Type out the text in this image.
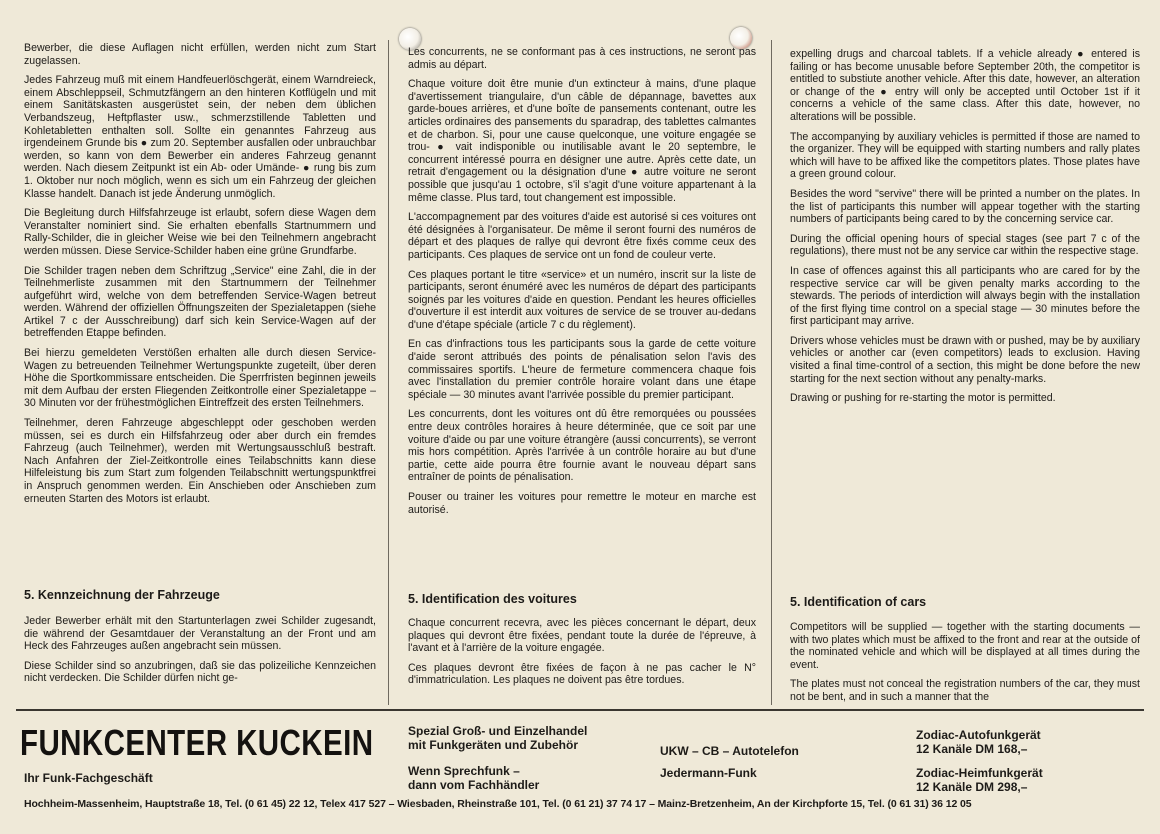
Bewerber, die diese Auflagen nicht erfüllen, werden nicht zum Start zugelassen.

Jedes Fahrzeug muß mit einem Handfeuerlöschgerät, einem Warndreieck, einem Abschleppseil, Schmutzfängern an den hinteren Kotflügeln und mit einem Sanitätskasten ausgerüstet sein, der neben dem üblichen Verbandszeug, Heftpflaster usw., schmerzstillende Tabletten und Kohletabletten enthalten soll. Sollte ein genanntes Fahrzeug aus irgendeinem Grunde bis ● zum 20. September ausfallen oder unbrauchbar werden, so kann von dem Bewerber ein anderes Fahrzeug genannt werden. Nach diesem Zeitpunkt ist ein Ab- oder Umände- ● rung bis zum 1. Oktober nur noch möglich, wenn es sich um ein Fahrzeug der gleichen Klasse handelt. Danach ist jede Änderung unmöglich.

Die Begleitung durch Hilfsfahrzeuge ist erlaubt, sofern diese Wagen dem Veranstalter nominiert sind. Sie erhalten ebenfalls Startnummern und Rally-Schilder, die in gleicher Weise wie bei den Teilnehmern angebracht werden müssen. Diese Service-Schilder haben eine grüne Grundfarbe.

Die Schilder tragen neben dem Schriftzug „Service" eine Zahl, die in der Teilnehmerliste zusammen mit den Startnummern der Teilnehmer aufgeführt wird, welche von dem betreffenden Service-Wagen betreut werden. Während der offiziellen Öffnungszeiten der Spezialetappen (siehe Artikel 7 c der Ausschreibung) darf sich kein Service-Wagen auf der betreffenden Etappe befinden.

Bei hierzu gemeldeten Verstößen erhalten alle durch diesen Service-Wagen zu betreuenden Teilnehmer Wertungspunkte zugeteilt, über deren Höhe die Sportkommissare entscheiden. Die Sperrfristen beginnen jeweils mit dem Aufbau der ersten Fliegenden Zeitkontrolle einer Spezialetappe – 30 Minuten vor der frühestmöglichen Eintreffzeit des ersten Teilnehmers.

Teilnehmer, deren Fahrzeuge abgeschleppt oder geschoben werden müssen, sei es durch ein Hilfsfahrzeug oder aber durch ein fremdes Fahrzeug (auch Teilnehmer), werden mit Wertungsausschluß bestraft. Nach Anfahren der Ziel-Zeitkontrolle eines Teilabschnitts kann diese Hilfeleistung bis zum Start zum folgenden Teilabschnitt wertungspunktfrei in Anspruch genommen werden. Ein Anschieben oder Anschieben zum erneuten Starten des Motors ist erlaubt.

Les concurrents, ne se conformant pas à ces instructions, ne seront pas admis au départ.

Chaque voiture doit être munie d'un extincteur à mains, d'une plaque d'avertissement triangulaire, d'un câble de dépannage, bavettes aux garde-boues arrières, et d'une boîte de pansements contenant, outre les articles ordinaires des pansements du sparadrap, des tablettes calmantes et de charbon. Si, pour une cause quelconque, une voiture engagée se trou- ● vait indisponible ou inutilisable avant le 20 septembre, le concurrent intéressé pourra en désigner une autre. Après cette date, un retrait d'engagement ou la désignation d'une ● autre voiture ne seront possible que jusqu'au 1 octobre, s'il s'agit d'une voiture appartenant à la même classe. Plus tard, tout changement est impossible.

L'accompagnement par des voitures d'aide est autorisé si ces voitures ont été désignées à l'organisateur. De même il seront fourni des numéros de départ et des plaques de rallye qui devront être fixés comme ceux des participants. Ces plaques de service ont un fond de couleur verte.

Ces plaques portant le titre «service» et un numéro, inscrit sur la liste de participants, seront énuméré avec les numéros de départ des participants soignés par les voitures d'aide en question. Pendant les heures officielles d'ouverture il est interdit aux voitures de service de se trouver au-dedans d'une d'étape spéciale (article 7 c du règlement).

En cas d'infractions tous les participants sous la garde de cette voiture d'aide seront attribués des points de pénalisation selon l'avis des commissaires sportifs. L'heure de fermeture commencera chaque fois avec l'installation du premier contrôle horaire volant dans une étape spéciale — 30 minutes avant l'arrivée possible du premier participant.

Les concurrents, dont les voitures ont dû être remorquées ou poussées entre deux contrôles horaires à heure déterminée, que ce soit par une voiture d'aide ou par une voiture étrangère (aussi concurrents), se verront mis hors compétition. Après l'arrivée à un contrôle horaire au but d'une partie, cette aide pourra être fournie avant le nouveau départ sans entraîner de points de pénalisation.

Pouser ou trainer les voitures pour remettre le moteur en marche est autorisé.

expelling drugs and charcoal tablets. If a vehicle already ● entered is failing or has become unusable before September 20th, the competitor is entitled to substiute another vehicle. After this date, however, an alteration or change of the ● entry will only be accepted until October 1st if it concerns a vehicle of the same class. After this date, however, no alterations will be possible.

The accompanying by auxiliary vehicles is permitted if those are named to the organizer. They will be equipped with starting numbers and rally plates which will have to be affixed like the competitors plates. Those plates have a green ground colour.

Besides the word "servive" there will be printed a number on the plates. In the list of participants this number will appear together with the starting numbers of participants being cared to by the concerning service car.

During the official opening hours of special stages (see part 7 c of the regulations), there must not be any service car within the respective stage.

In case of offences against this all participants who are cared for by the respective service car will be given penalty marks according to the stewards. The periods of interdiction will always begin with the installation of the first flying time control on a special stage — 30 minutes before the first participant may arrive.

Drivers whose vehicles must be drawn with or pushed, may be by auxiliary vehicles or another car (even competitors) leads to exclusion. Having visited a final time-control of a section, this might be done before the new starting for the next section without any penalty-marks.

Drawing or pushing for re-starting the motor is permitted.

5. Kennzeichnung der Fahrzeuge	5. Identification des voitures	5. Identification of cars

Jeder Bewerber erhält mit den Startunterlagen zwei Schilder zugesandt, die während der Gesamtdauer der Veranstaltung an der Front und am Heck des Fahrzeuges außen angebracht sein müssen.

Diese Schilder sind so anzubringen, daß sie das polizeiliche Kennzeichen nicht verdecken. Die Schilder dürfen nicht ge-

Chaque concurrent recevra, avec les pièces concernant le départ, deux plaques qui devront être fixées, pendant toute la durée de l'épreuve, à l'avant et à l'arrière de la voiture engagée.

Ces plaques devront être fixées de façon à ne pas cacher le N° d'immatriculation. Les plaques ne doivent pas être tordues.

Competitors will be supplied — together with the starting documents — with two plates which must be affixed to the front and rear at the outside of the nominated vehicle and which will be displayed at all times during the event.

The plates must not conceal the registration numbers of the car, they must not be bent, and in such a manner that the

FUNKCENTER KUCKEIN
Ihr Funk-Fachgeschäft
Spezial Groß- und Einzelhandel
mit Funkgeräten und Zubehör
Wenn Sprechfunk –
dann vom Fachhändler
UKW – CB – Autotelefon
Jedermann-Funk
Zodiac-Autofunkgerät
12 Kanäle DM 168,–
Zodiac-Heimfunkgerät
12 Kanäle DM 298,–
Hochheim-Massenheim, Hauptstraße 18, Tel. (0 61 45) 22 12, Telex 417 527 – Wiesbaden, Rheinstraße 101, Tel. (0 61 21) 37 74 17 – Mainz-Bretzenheim, An der Kirchpforte 15, Tel. (0 61 31) 36 12 05
